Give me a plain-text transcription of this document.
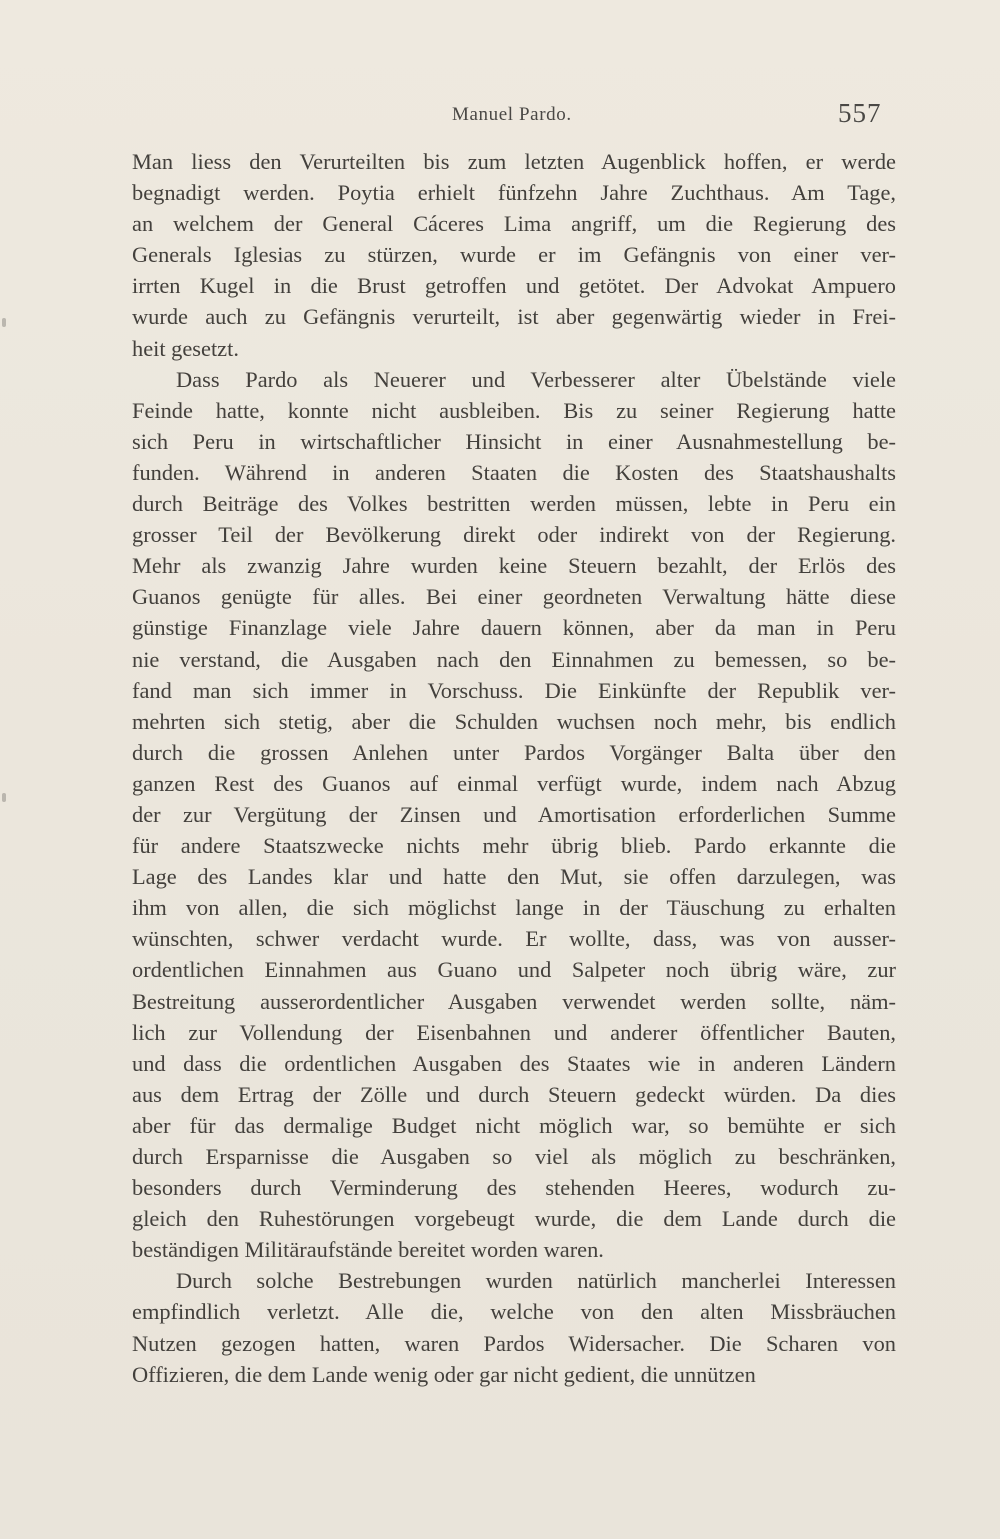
Manuel Pardo.	557
Man liess den Verurteilten bis zum letzten Augenblick hoffen, er werde
begnadigt werden. Poytia erhielt fünfzehn Jahre Zuchthaus. Am Tage,
an welchem der General Cáceres Lima angriff, um die Regierung des
Generals Iglesias zu stürzen, wurde er im Gefängnis von einer ver-
irrten Kugel in die Brust getroffen und getötet. Der Advokat Ampuero
wurde auch zu Gefängnis verurteilt, ist aber gegenwärtig wieder in Frei-
heit gesetzt.
Dass Pardo als Neuerer und Verbesserer alter Übelstände viele
Feinde hatte, konnte nicht ausbleiben. Bis zu seiner Regierung hatte
sich Peru in wirtschaftlicher Hinsicht in einer Ausnahmestellung be-
funden. Während in anderen Staaten die Kosten des Staatshaushalts
durch Beiträge des Volkes bestritten werden müssen, lebte in Peru ein
grosser Teil der Bevölkerung direkt oder indirekt von der Regierung.
Mehr als zwanzig Jahre wurden keine Steuern bezahlt, der Erlös des
Guanos genügte für alles. Bei einer geordneten Verwaltung hätte diese
günstige Finanzlage viele Jahre dauern können, aber da man in Peru
nie verstand, die Ausgaben nach den Einnahmen zu bemessen, so be-
fand man sich immer in Vorschuss. Die Einkünfte der Republik ver-
mehrten sich stetig, aber die Schulden wuchsen noch mehr, bis endlich
durch die grossen Anlehen unter Pardos Vorgänger Balta über den
ganzen Rest des Guanos auf einmal verfügt wurde, indem nach Abzug
der zur Vergütung der Zinsen und Amortisation erforderlichen Summe
für andere Staatszwecke nichts mehr übrig blieb. Pardo erkannte die
Lage des Landes klar und hatte den Mut, sie offen darzulegen, was
ihm von allen, die sich möglichst lange in der Täuschung zu erhalten
wünschten, schwer verdacht wurde. Er wollte, dass, was von ausser-
ordentlichen Einnahmen aus Guano und Salpeter noch übrig wäre, zur
Bestreitung ausserordentlicher Ausgaben verwendet werden sollte, näm-
lich zur Vollendung der Eisenbahnen und anderer öffentlicher Bauten,
und dass die ordentlichen Ausgaben des Staates wie in anderen Ländern
aus dem Ertrag der Zölle und durch Steuern gedeckt würden. Da dies
aber für das dermalige Budget nicht möglich war, so bemühte er sich
durch Ersparnisse die Ausgaben so viel als möglich zu beschränken,
besonders durch Verminderung des stehenden Heeres, wodurch zu-
gleich den Ruhestörungen vorgebeugt wurde, die dem Lande durch die
beständigen Militäraufstände bereitet worden waren.
Durch solche Bestrebungen wurden natürlich mancherlei Interessen
empfindlich verletzt. Alle die, welche von den alten Missbräuchen
Nutzen gezogen hatten, waren Pardos Widersacher. Die Scharen von
Offizieren, die dem Lande wenig oder gar nicht gedient, die unnützen
